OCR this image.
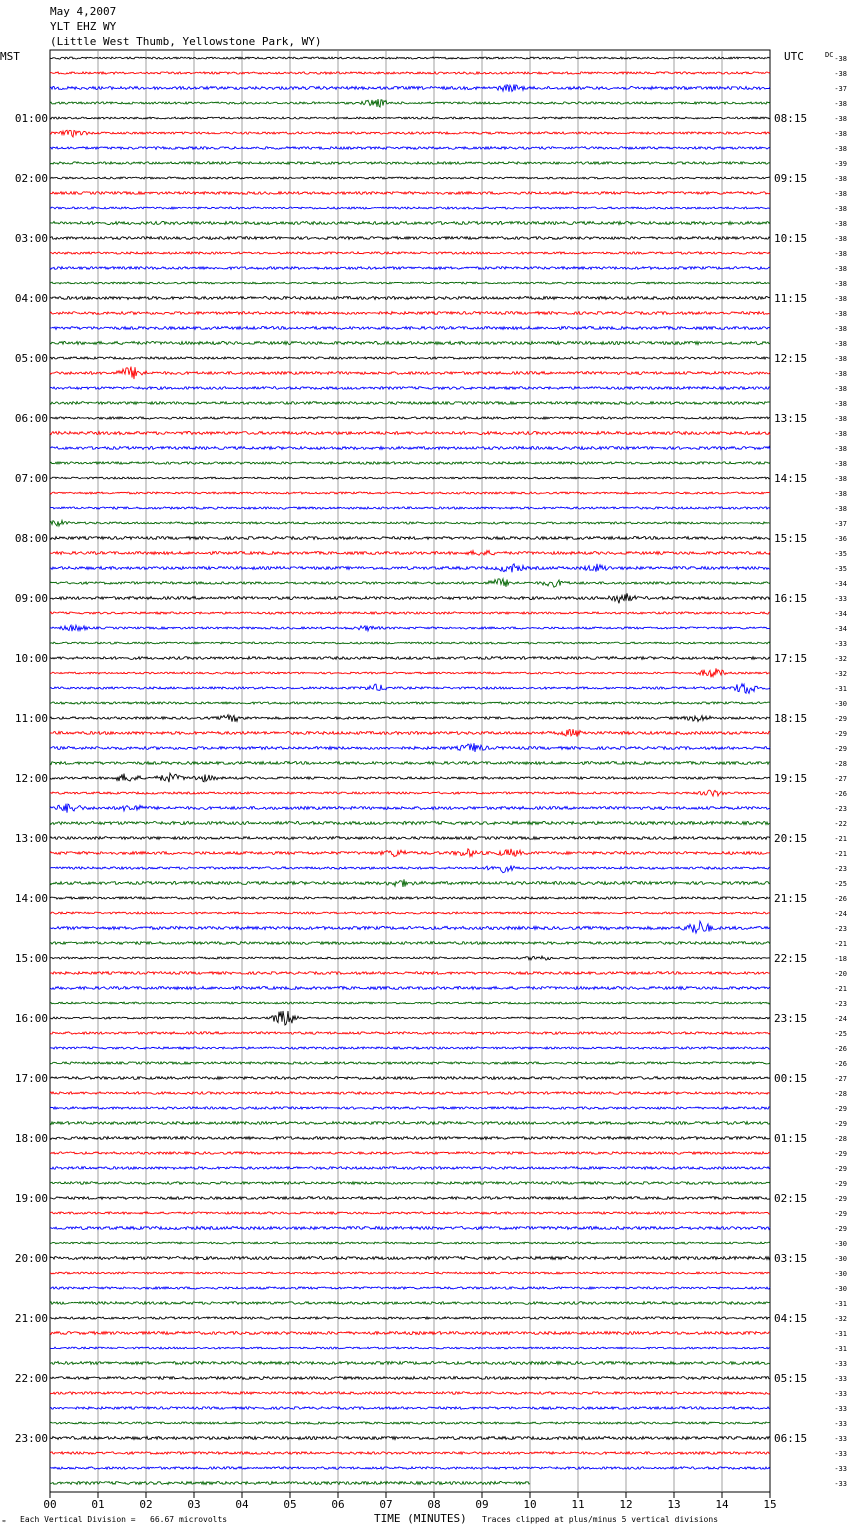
May 4,2007
YLT EHZ WY
(Little West Thumb, Yellowstone Park, WY)
00	01	02	03	04	05	06	07	08	09	10	11	12	13	14	15
MST	UTC	DC
01:00
02:00
03:00
04:00
05:00
06:00
07:00
08:00
09:00
10:00
11:00
12:00
13:00
14:00
15:00
16:00
17:00
18:00
19:00
20:00
21:00
22:00
23:00
08:15
09:15
10:15
11:15
12:15
13:15
14:15
15:15
16:15
17:15
18:15
19:15
20:15
21:15
22:15
23:15
00:15
01:15
02:15
03:15
04:15
05:15
06:15
-38
-38
-37
-38
-38
-38
-38
-39
-38
-38
-38
-38
-38
-38
-38
-38
-38
-38
-38
-38
-38
-38
-38
-38
-38
-38
-38
-38
-38
-38
-38
-37
-36
-35
-35
-34
-33
-34
-34
-33
-32
-32
-31
-30
-29
-29
-29
-28
-27
-26
-23
-22
-21
-21
-23
-25
-26
-24
-23
-21
-18
-20
-21
-23
-24
-25
-26
-26
-27
-28
-29
-29
-28
-29
-29
-29
-29
-29
-29
-30
-30
-30
-30
-31
-32
-31
-31
-33
-33
-33
-33
-33
-33
-33
-33
-33
≈ Each Vertical Division =   66.67 microvolts	TIME (MINUTES) Traces clipped at plus/minus 5 vertical divisions
